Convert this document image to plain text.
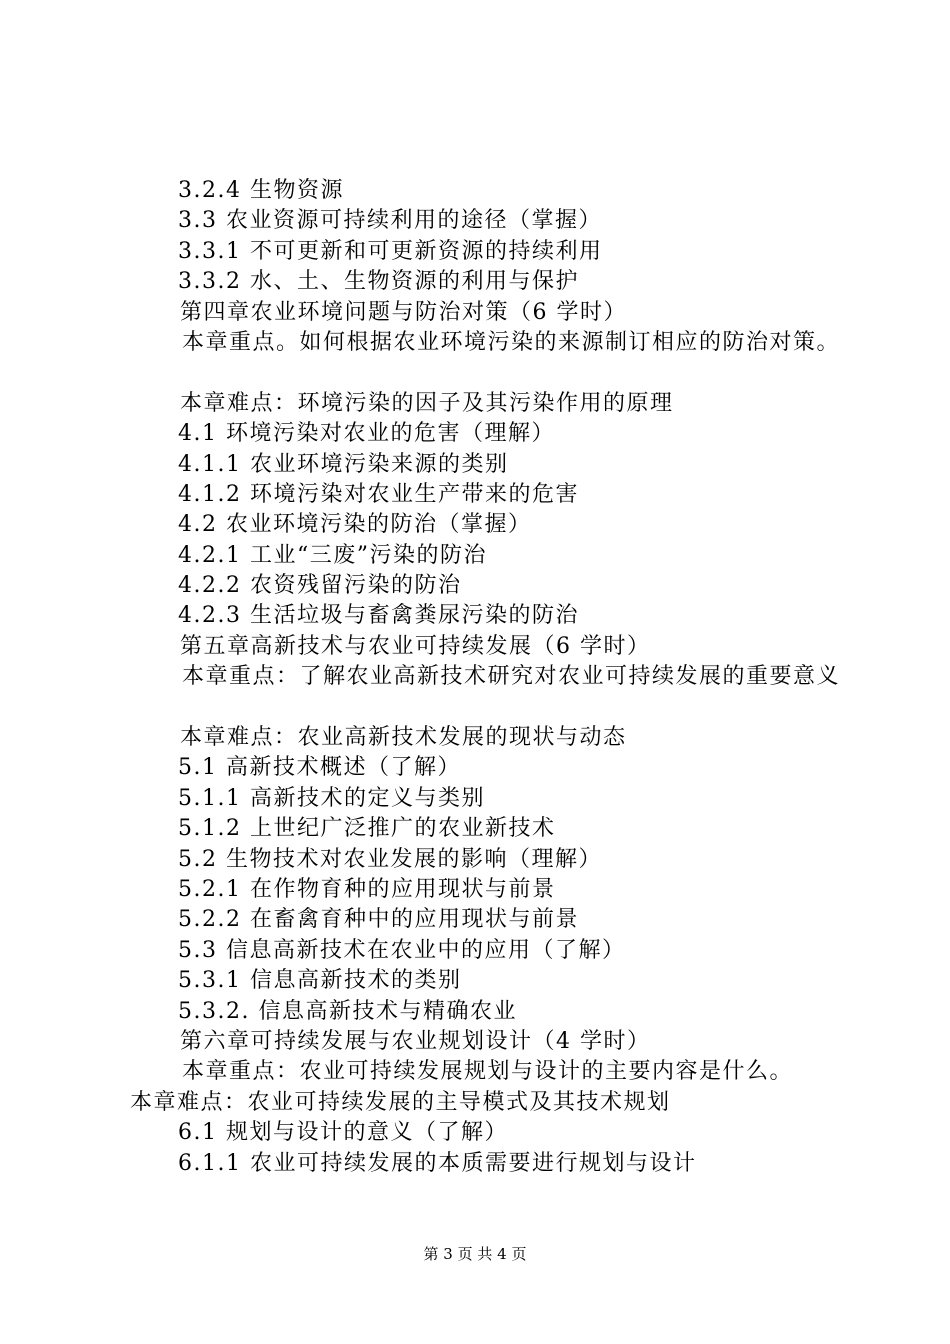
3.2.4 生物资源
3.3 农业资源可持续利用的途径（掌握）
3.3.1 不可更新和可更新资源的持续利用
3.3.2 水、土、生物资源的利用与保护
第四章农业环境问题与防治对策（6 学时）
本章重点。如何根据农业环境污染的来源制订相应的防治对策。
本章难点：环境污染的因子及其污染作用的原理
4.1 环境污染对农业的危害（理解）
4.1.1 农业环境污染来源的类别
4.1.2 环境污染对农业生产带来的危害
4.2 农业环境污染的防治（掌握）
4.2.1 工业“三废”污染的防治
4.2.2 农资残留污染的防治
4.2.3 生活垃圾与畜禽粪尿污染的防治
第五章高新技术与农业可持续发展（6 学时）
本章重点：了解农业高新技术研究对农业可持续发展的重要意义
本章难点：农业高新技术发展的现状与动态
5.1 高新技术概述（了解）
5.1.1 高新技术的定义与类别
5.1.2 上世纪广泛推广的农业新技术
5.2 生物技术对农业发展的影响（理解）
5.2.1 在作物育种的应用现状与前景
5.2.2 在畜禽育种中的应用现状与前景
5.3 信息高新技术在农业中的应用（了解）
5.3.1 信息高新技术的类别
5.3.2. 信息高新技术与精确农业
第六章可持续发展与农业规划设计（4 学时）
本章重点：农业可持续发展规划与设计的主要内容是什么。
本章难点：农业可持续发展的主导模式及其技术规划
6.1 规划与设计的意义（了解）
6.1.1 农业可持续发展的本质需要进行规划与设计
第 3 页 共 4 页
